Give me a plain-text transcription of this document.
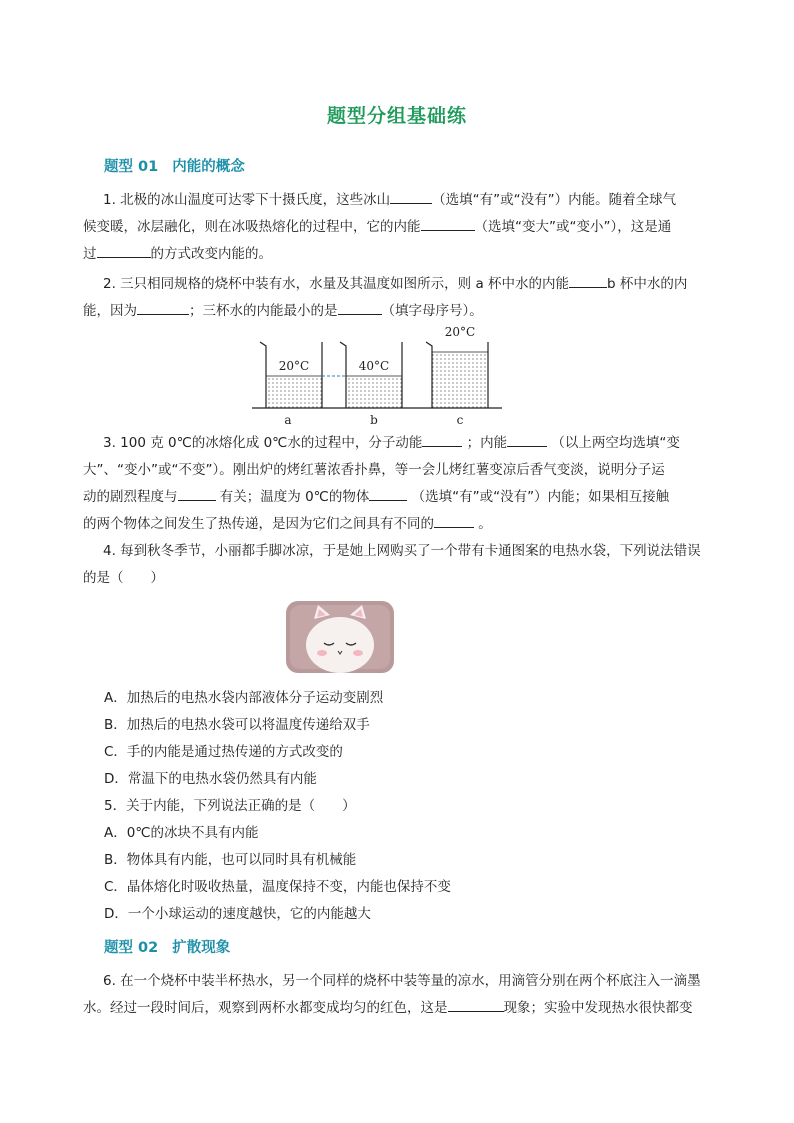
题型分组基础练
题型 01 内能的概念
1. 北极的冰山温度可达零下十摄氏度，这些冰山	（选填“有”或“没有”）内能。随着全球气
候变暖，冰层融化，则在冰吸热熔化的过程中，它的内能	（选填“变大”或“变小”），这是通
过	的方式改变内能的。
2. 三只相同规格的烧杯中装有水，水量及其温度如图所示，则 a 杯中水的内能	b 杯中水的内
能，因为	；三杯水的内能最小的是	（填字母序号）。
20°C	40°C
20°C
a	b	c
3. 100 克 0℃的冰熔化成 0℃水的过程中，分子动能	；内能	（以上两空均选填“变
大”、“变小”或“不变”）。刚出炉的烤红薯浓香扑鼻，等一会儿烤红薯变凉后香气变淡，说明分子运
动的剧烈程度与	有关；温度为 0℃的物体	（选填“有”或“没有”）内能；如果相互接触
的两个物体之间发生了热传递，是因为它们之间具有不同的	。
4. 每到秋冬季节，小丽都手脚冰凉，于是她上网购买了一个带有卡通图案的电热水袋，下列说法错误
的是（　　）
A．加热后的电热水袋内部液体分子运动变剧烈
B．加热后的电热水袋可以将温度传递给双手
C．手的内能是通过热传递的方式改变的
D．常温下的电热水袋仍然具有内能
5．关于内能，下列说法正确的是（　　）
A．0℃的冰块不具有内能
B．物体具有内能，也可以同时具有机械能
C．晶体熔化时吸收热量，温度保持不变，内能也保持不变
D．一个小球运动的速度越快，它的内能越大
题型 02 扩散现象
6. 在一个烧杯中装半杯热水，另一个同样的烧杯中装等量的凉水，用滴管分别在两个杯底注入一滴墨
水。经过一段时间后，观察到两杯水都变成均匀的红色，这是	现象；实验中发现热水很快都变
